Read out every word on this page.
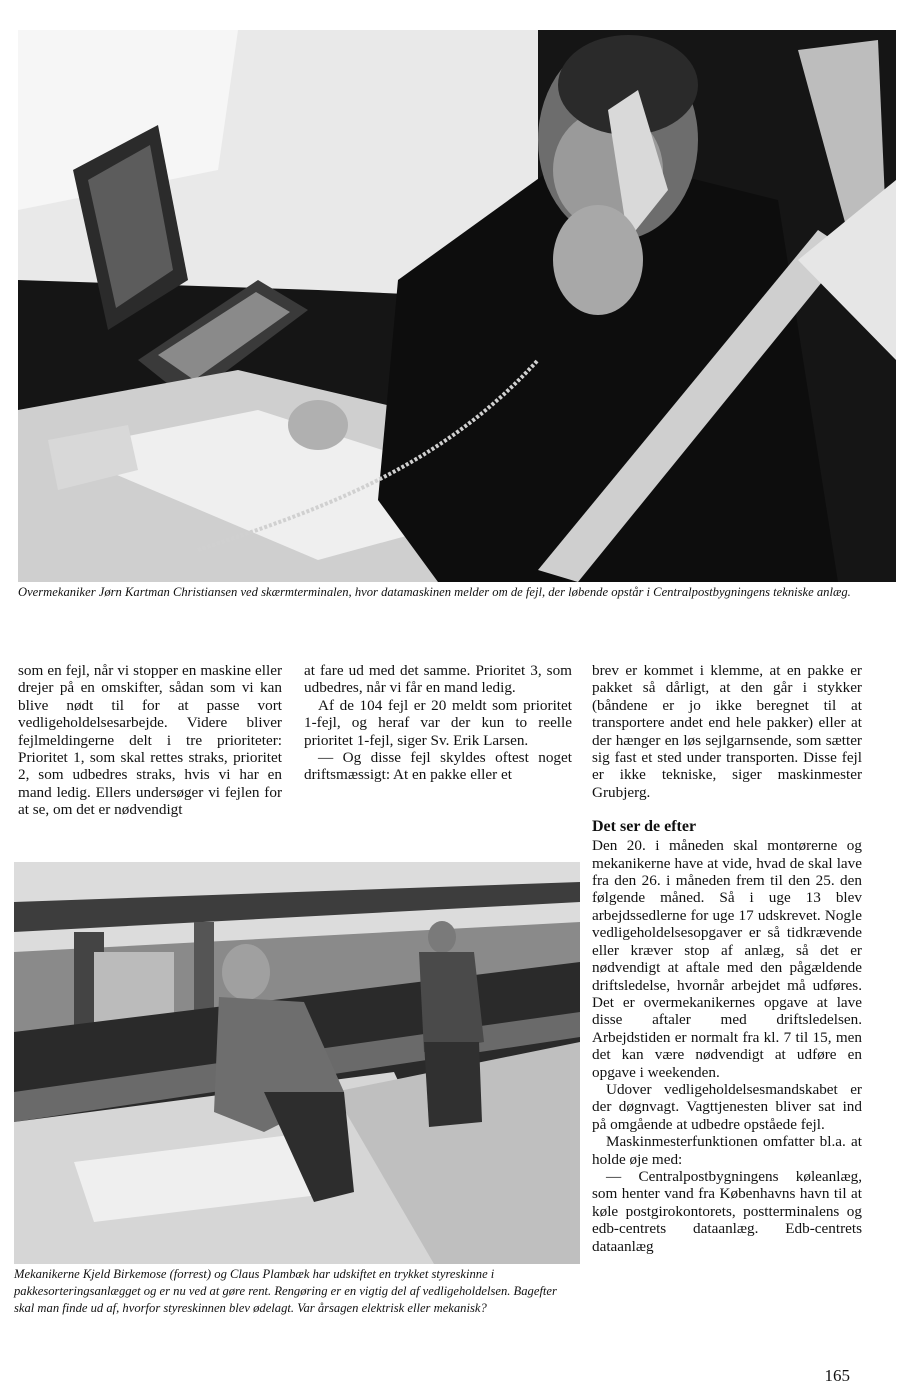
Overmekaniker Jørn Kartman Christiansen ved skærmterminalen, hvor datamaskinen melder om de fejl, der løbende opstår i Centralpostbygningens tekniske anlæg.

som en fejl, når vi stopper en maskine eller drejer på en omskifter, sådan som vi kan blive nødt til for at passe vort vedligeholdelsesarbejde. Videre bliver fejlmeldingerne delt i tre prioriteter: Prioritet 1, som skal rettes straks, prioritet 2, som udbedres straks, hvis vi har en mand ledig. Ellers undersøger vi fejlen for at se, om det er nødvendigt

at fare ud med det samme. Prioritet 3, som udbedres, når vi får en mand ledig.

Af de 104 fejl er 20 meldt som prioritet 1-fejl, og heraf var der kun to reelle prioritet 1-fejl, siger Sv. Erik Larsen.

— Og disse fejl skyldes oftest noget driftsmæssigt: At en pakke eller et

Mekanikerne Kjeld Birkemose (forrest) og Claus Plambæk har udskiftet en trykket styreskinne i pakkesorteringsanlægget og er nu ved at gøre rent. Rengøring er en vigtig del af vedligeholdelsen. Bagefter skal man finde ud af, hvorfor styreskinnen blev ødelagt. Var årsagen elektrisk eller mekanisk?

brev er kommet i klemme, at en pakke er pakket så dårligt, at den går i stykker (båndene er jo ikke beregnet til at transportere andet end hele pakker) eller at der hænger en løs sejlgarnsende, som sætter sig fast et sted under transporten. Disse fejl er ikke tekniske, siger maskinmester Grubjerg.

Det ser de efter

Den 20. i måneden skal montørerne og mekanikerne have at vide, hvad de skal lave fra den 26. i måneden frem til den 25. den følgende måned. Så i uge 13 blev arbejdssedlerne for uge 17 udskrevet. Nogle vedligeholdelsesopgaver er så tidkrævende eller kræver stop af anlæg, så det er nødvendigt at aftale med den pågældende driftsledelse, hvornår arbejdet må udføres. Det er overmekanikernes opgave at lave disse aftaler med driftsledelsen. Arbejdstiden er normalt fra kl. 7 til 15, men det kan være nødvendigt at udføre en opgave i weekenden.

Udover vedligeholdelsesmandskabet er der døgnvagt. Vagttjenesten bliver sat ind på omgående at udbedre opståede fejl.

Maskinmesterfunktionen omfatter bl.a. at holde øje med:

— Centralpostbygningens køleanlæg, som henter vand fra Københavns havn til at køle postgirokontorets, postterminalens og edb-centrets dataanlæg. Edb-centrets dataanlæg

165
